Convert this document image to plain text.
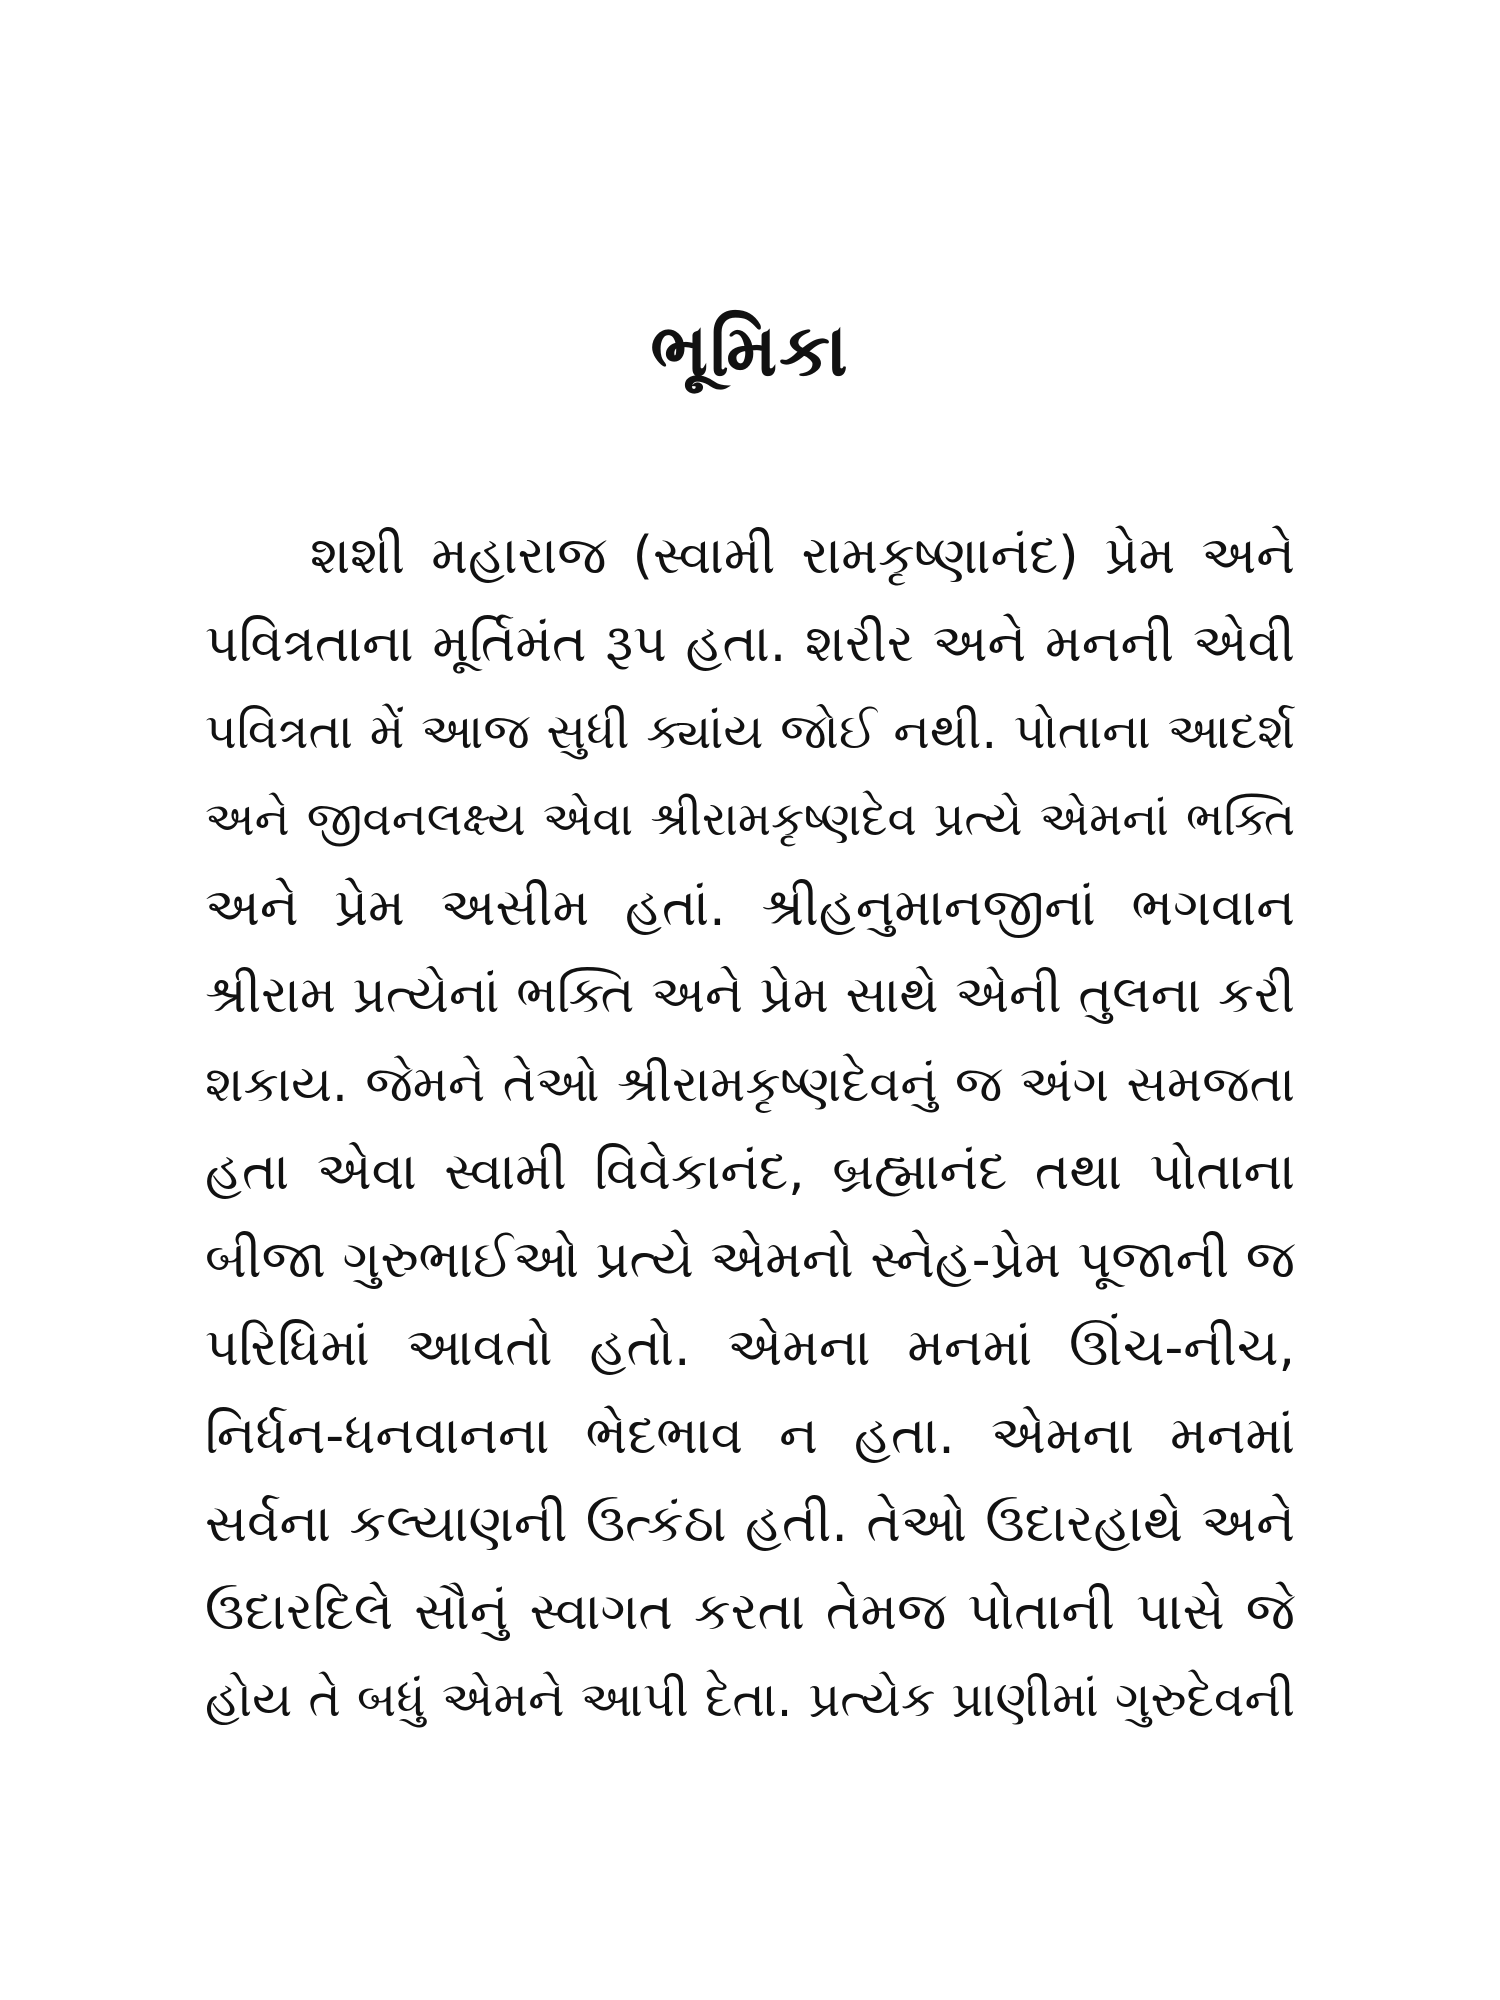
ભૂમિકા
શશી મહારાજ (સ્વામી રામકૃષ્ણાનંદ) પ્રેમ અને
પવિત્રતાના મૂર્તિમંત રૂપ હતા. શરીર અને મનની એવી
પવિત્રતા મેં આજ સુધી ક્યાંય જોઈ નથી. પોતાના આદર્શ
અને જીવનલક્ષ્ય એવા શ્રીરામકૃષ્ણદેવ પ્રત્યે એમનાં ભક્તિ
અને પ્રેમ અસીમ હતાં. શ્રીહનુમાનજીનાં ભગવાન
શ્રીરામ પ્રત્યેનાં ભક્તિ અને પ્રેમ સાથે એની તુલના કરી
શકાય. જેમને તેઓ શ્રીરામકૃષ્ણદેવનું જ અંગ સમજતા
હતા એવા સ્વામી વિવેકાનંદ, બ્રહ્માનંદ તથા પોતાના
બીજા ગુરુભાઈઓ પ્રત્યે એમનો સ્નેહ-પ્રેમ પૂજાની જ
પરિધિમાં આવતો હતો. એમના મનમાં ઊંચ-નીચ,
નિર્ધન-ધનવાનના ભેદભાવ ન હતા. એમના મનમાં
સર્વના કલ્યાણની ઉત્કંઠા હતી. તેઓ ઉદારહાથે અને
ઉદારદિલે સૌનું સ્વાગત કરતા તેમજ પોતાની પાસે જે
હોય તે બધું એમને આપી દેતા. પ્રત્યેક પ્રાણીમાં ગુરુદેવની
